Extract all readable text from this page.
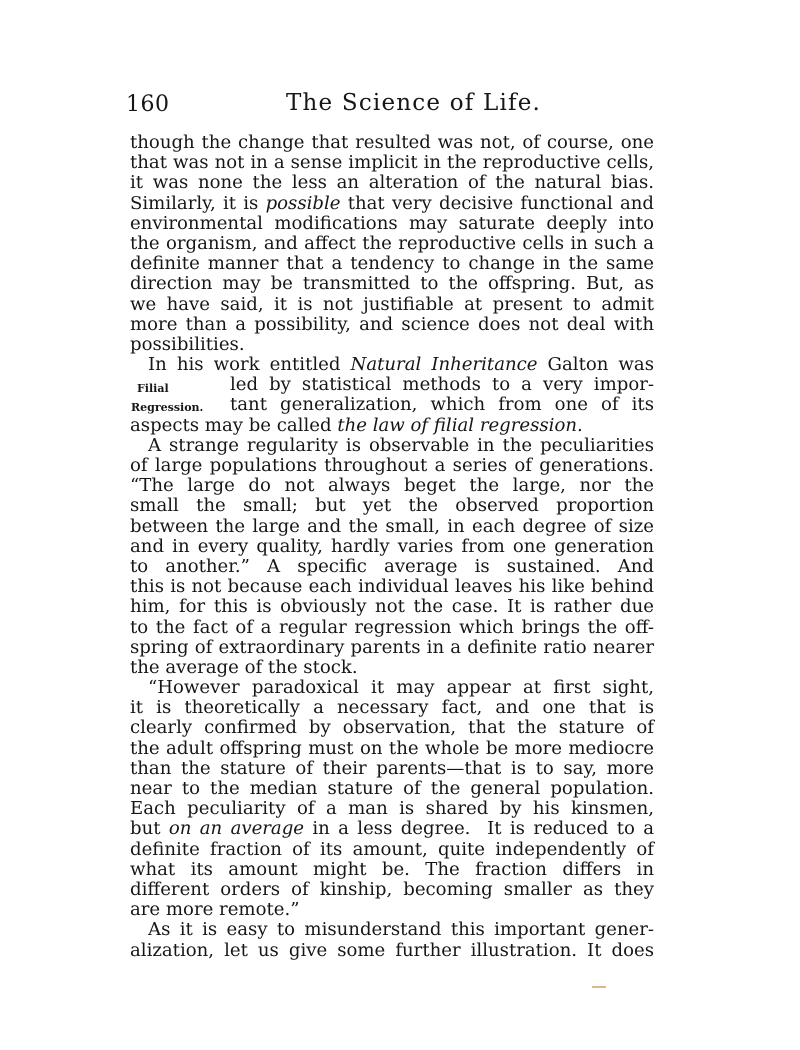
160	The Science of Life.
Filial
Regression.
though the change that resulted was not, of course, one
that was not in a sense implicit in the reproductive cells,
it was none the less an alteration of the natural bias.
Similarly, it is possible that very decisive functional and
environmental modifications may saturate deeply into
the organism, and affect the reproductive cells in such a
definite manner that a tendency to change in the same
direction may be transmitted to the offspring. But, as
we have said, it is not justifiable at present to admit
more than a possibility, and science does not deal with
possibilities.
In his work entitled Natural Inheritance Galton was
led by statistical methods to a very impor-
tant generalization, which from one of its
aspects may be called the law of filial regression.
A strange regularity is observable in the peculiarities
of large populations throughout a series of generations.
“The large do not always beget the large, nor the
small the small; but yet the observed proportion
between the large and the small, in each degree of size
and in every quality, hardly varies from one generation
to another.” A specific average is sustained. And
this is not because each individual leaves his like behind
him, for this is obviously not the case. It is rather due
to the fact of a regular regression which brings the off-
spring of extraordinary parents in a definite ratio nearer
the average of the stock.
“However paradoxical it may appear at first sight,
it is theoretically a necessary fact, and one that is
clearly confirmed by observation, that the stature of
the adult offspring must on the whole be more mediocre
than the stature of their parents—that is to say, more
near to the median stature of the general population.
Each peculiarity of a man is shared by his kinsmen,
but on an average in a less degree.  It is reduced to a
definite fraction of its amount, quite independently of
what its amount might be. The fraction differs in
different orders of kinship, becoming smaller as they
are more remote.”
As it is easy to misunderstand this important gener-
alization, let us give some further illustration. It does
